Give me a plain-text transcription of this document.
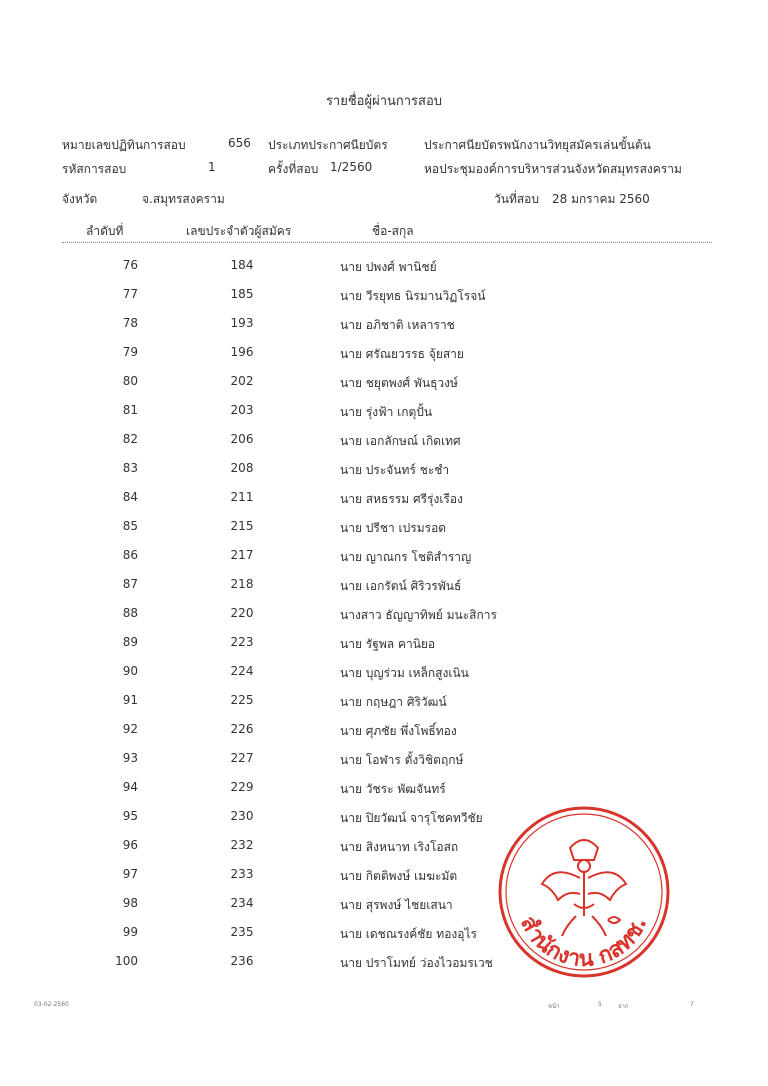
รายชื่อผู้ผ่านการสอบ
หมายเลขปฏิทินการสอบ	656 ประเภทประกาศนียบัตร	ประกาศนียบัตรพนักงานวิทยุสมัครเล่นขั้นต้น
รหัสการสอบ	1	ครั้งที่สอบ 1/2560	หอประชุมองค์การบริหารส่วนจังหวัดสมุทรสงคราม
จังหวัด	จ.สมุทรสงคราม	วันที่สอบ 28 มกราคม 2560
ลำดับที่	เลขประจำตัวผู้สมัคร	ชื่อ-สกุล
76	184	นาย ปพงศ์ พานิชย์
77	185	นาย วีรยุทธ นิรมานวิฏโรจน์
78	193	นาย อภิชาติ เหลาราช
79	196	นาย ศรัณยวรรธ จุ้ยสาย
80	202	นาย ชยุตพงศ์ พันธุวงษ์
81	203	นาย รุ่งฟ้า เกตุปั้น
82	206	นาย เอกลักษณ์ เกิดเทศ
83	208	นาย ประจันทร์ ชะชำ
84	211	นาย สหธรรม ศรีรุ่งเรือง
85	215	นาย ปรีชา เปรมรอด
86	217	นาย ญาณกร โชติสำราญ
87	218	นาย เอกรัตน์ ศิริวรพันธ์
88	220	นางสาว ธัญญาทิพย์ มนะสิการ
89	223	นาย รัฐพล คานิยอ
90	224	นาย บุญร่วม เหล็กสูงเนิน
91	225	นาย กฤษฎา ศิริวัฒน์
92	226	นาย ศุภชัย พึ่งโพธิ์ทอง
93	227	นาย โอฬาร ตั้งวิชิตฤกษ์
94	229	นาย วัชระ พัฒจันทร์
95	230	นาย ปิยวัฒน์ จารุโชคทวีชัย
96	232	นาย สิงหนาท เริงโอสถ
97	233	นาย กิตติพงษ์ เมฆะมัต
98	234	นาย สุรพงษ์ ไชยเสนา
99	235	นาย เดชณรงค์ชัย ทองอุไร
100	236	นาย ปราโมทย์ ว่องไวอมรเวช
03-02-2560	หน้า	5	จาก	7
สำนักงาน กสทช.
